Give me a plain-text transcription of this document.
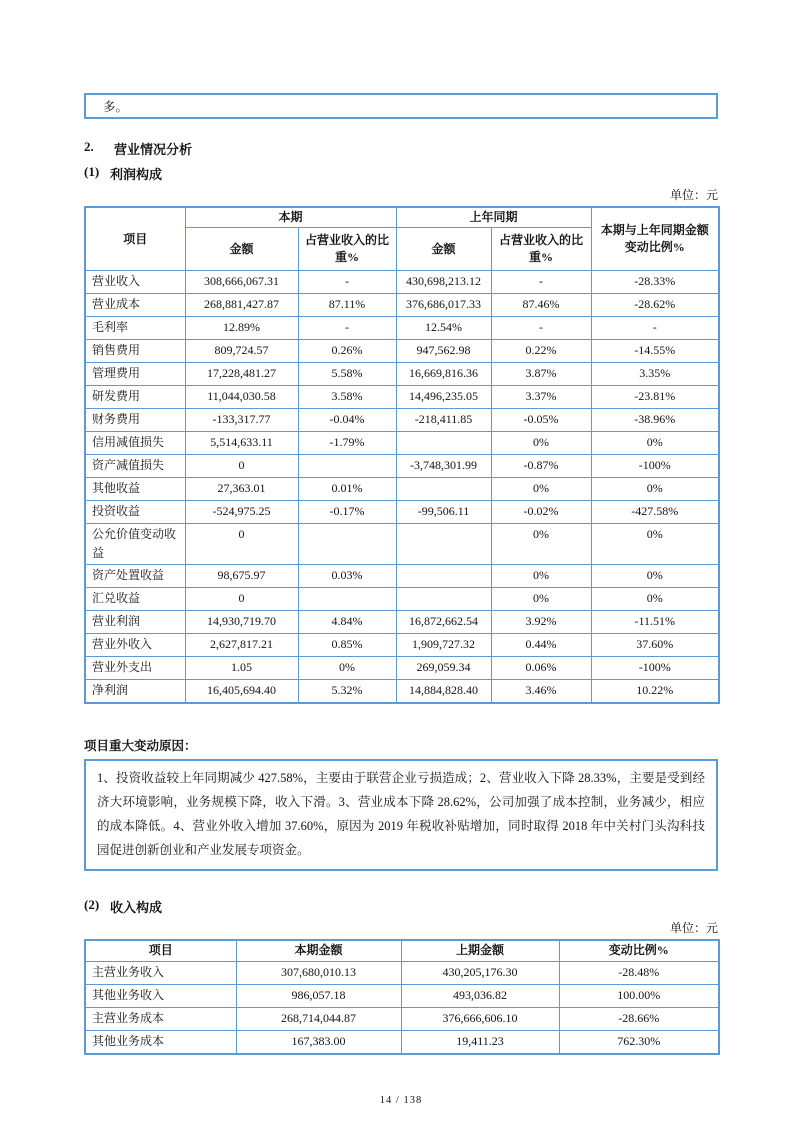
多。
2.	营业情况分析
(1) 利润构成
单位：元
项目	本期		上年同期		本期与上年同期金额变动比例%
	金额	占营业收入的比重%	金额	占营业收入的比重%	
营业收入	308,666,067.31	-	430,698,213.12	-	-28.33%
营业成本	268,881,427.87	87.11%	376,686,017.33	87.46%	-28.62%
毛利率	12.89%	-	12.54%	-	-
销售费用	809,724.57	0.26%	947,562.98	0.22%	-14.55%
管理费用	17,228,481.27	5.58%	16,669,816.36	3.87%	3.35%
研发费用	11,044,030.58	3.58%	14,496,235.05	3.37%	-23.81%
财务费用	-133,317.77	-0.04%	-218,411.85	-0.05%	-38.96%
信用减值损失	5,514,633.11	-1.79%		0%	0%
资产减值损失	0		-3,748,301.99	-0.87%	-100%
其他收益	27,363.01	0.01%		0%	0%
投资收益	-524,975.25	-0.17%	-99,506.11	-0.02%	-427.58%
公允价值变动收益	0			0%	0%
资产处置收益	98,675.97	0.03%		0%	0%
汇兑收益	0			0%	0%
营业利润	14,930,719.70	4.84%	16,872,662.54	3.92%	-11.51%
营业外收入	2,627,817.21	0.85%	1,909,727.32	0.44%	37.60%
营业外支出	1.05	0%	269,059.34	0.06%	-100%
净利润	16,405,694.40	5.32%	14,884,828.40	3.46%	10.22%
项目重大变动原因：
1、投资收益较上年同期减少 427.58%，主要由于联营企业亏损造成；2、营业收入下降 28.33%，主要是受到经济大环境影响，业务规模下降，收入下滑。3、营业成本下降 28.62%，公司加强了成本控制，业务减少，相应的成本降低。4、营业外收入增加 37.60%，原因为 2019 年税收补贴增加，同时取得 2018 年中关村门头沟科技园促进创新创业和产业发展专项资金。
(2) 收入构成
单位：元
项目	本期金额	上期金额	变动比例%
主营业务收入	307,680,010.13	430,205,176.30	-28.48%
其他业务收入	986,057.18	493,036.82	100.00%
主营业务成本	268,714,044.87	376,666,606.10	-28.66%
其他业务成本	167,383.00	19,411.23	762.30%
14 / 138
